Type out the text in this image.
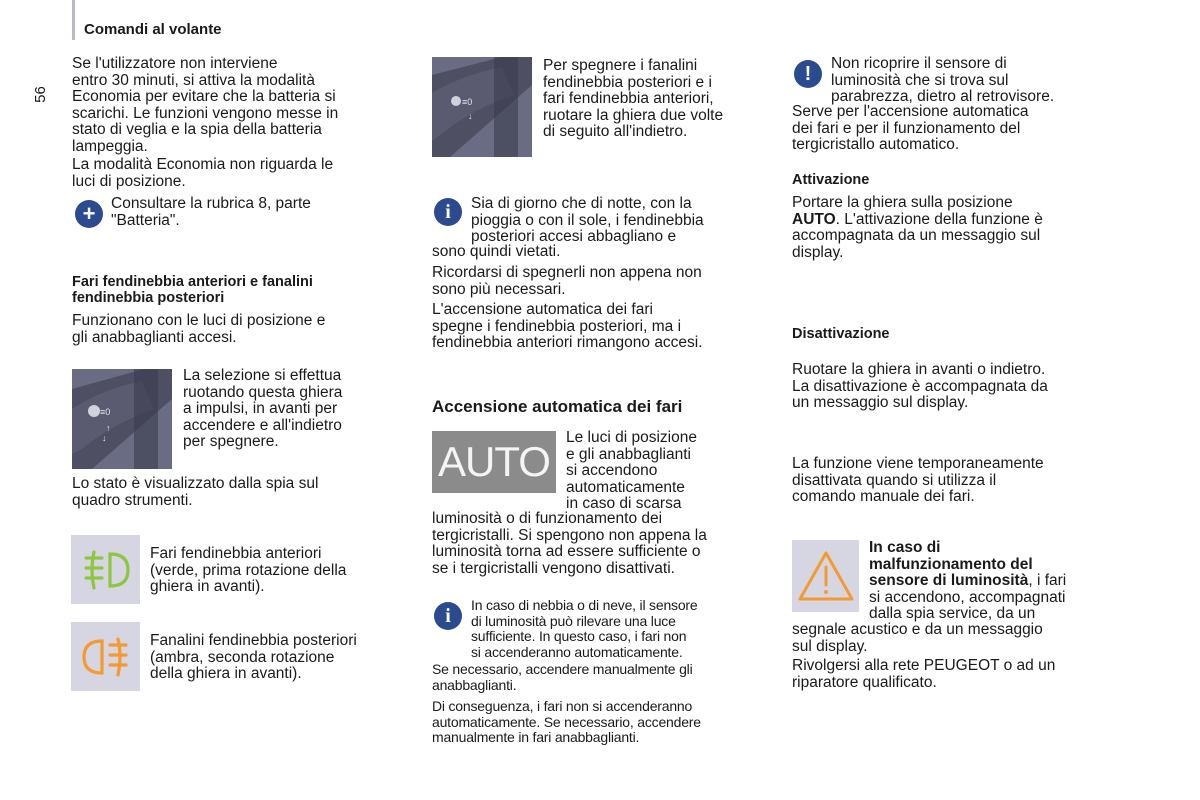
Comandi al volante
56

Se l'utilizzatore non interviene

entro 30 minuti, si attiva la modalità

Economia per evitare che la batteria si

scarichi. Le funzioni vengono messe in

stato di veglia e la spia della batteria

lampeggia.

La modalità Economia non riguarda le

luci di posizione.

+	Consultare la rubrica 8, parte

"Batteria".

Fari fendinebbia anteriori e fanalini

fendinebbia posteriori

Funzionano con le luci di posizione e

gli anabbaglianti accesi.

≡0
↑
↓

La selezione si effettua

ruotando questa ghiera

a impulsi, in avanti per

accendere e all'indietro

per spegnere.

Lo stato è visualizzato dalla spia sul

quadro strumenti.

Fari fendinebbia anteriori

(verde, prima rotazione della

ghiera in avanti).

Fanalini fendinebbia posteriori

(ambra, seconda rotazione

della ghiera in avanti).

≡0
↓

Per spegnere i fanalini

fendinebbia posteriori e i

fari fendinebbia anteriori,

ruotare la ghiera due volte

di seguito all'indietro.

i	Sia di giorno che di notte, con la

pioggia o con il sole, i fendinebbia

posteriori accesi abbagliano e

sono quindi vietati.

Ricordarsi di spegnerli non appena non

sono più necessari.

L'accensione automatica dei fari

spegne i fendinebbia posteriori, ma i

fendinebbia anteriori rimangono accesi.

Accensione automatica dei fari
AUTO

Le luci di posizione

e gli anabbaglianti

si accendono

automaticamente

in caso di scarsa

luminosità o di funzionamento dei

tergicristalli. Si spengono non appena la

luminosità torna ad essere sufficiente o

se i tergicristalli vengono disattivati.

i	In caso di nebbia o di neve, il sensore

di luminosità può rilevare una luce

sufficiente. In questo caso, i fari non

si accenderanno automaticamente.

Se necessario, accendere manualmente gli

anabbaglianti.

Di conseguenza, i fari non si accenderanno

automaticamente. Se necessario, accendere

manualmente in fari anabbaglianti.

!	Non ricoprire il sensore di

luminosità che si trova sul

parabrezza, dietro al retrovisore.

Serve per l'accensione automatica

dei fari e per il funzionamento del

tergicristallo automatico.

Attivazione

Portare la ghiera sulla posizione

AUTO. L'attivazione della funzione è

accompagnata da un messaggio sul

display.

Disattivazione

Ruotare la ghiera in avanti o indietro.

La disattivazione è accompagnata da

un messaggio sul display.

La funzione viene temporaneamente

disattivata quando si utilizza il

comando manuale dei fari.

In caso di

malfunzionamento del

sensore di luminosità, i fari

si accendono, accompagnati

dalla spia service, da un

segnale acustico e da un messaggio

sul display.

Rivolgersi alla rete PEUGEOT o ad un

riparatore qualificato.
